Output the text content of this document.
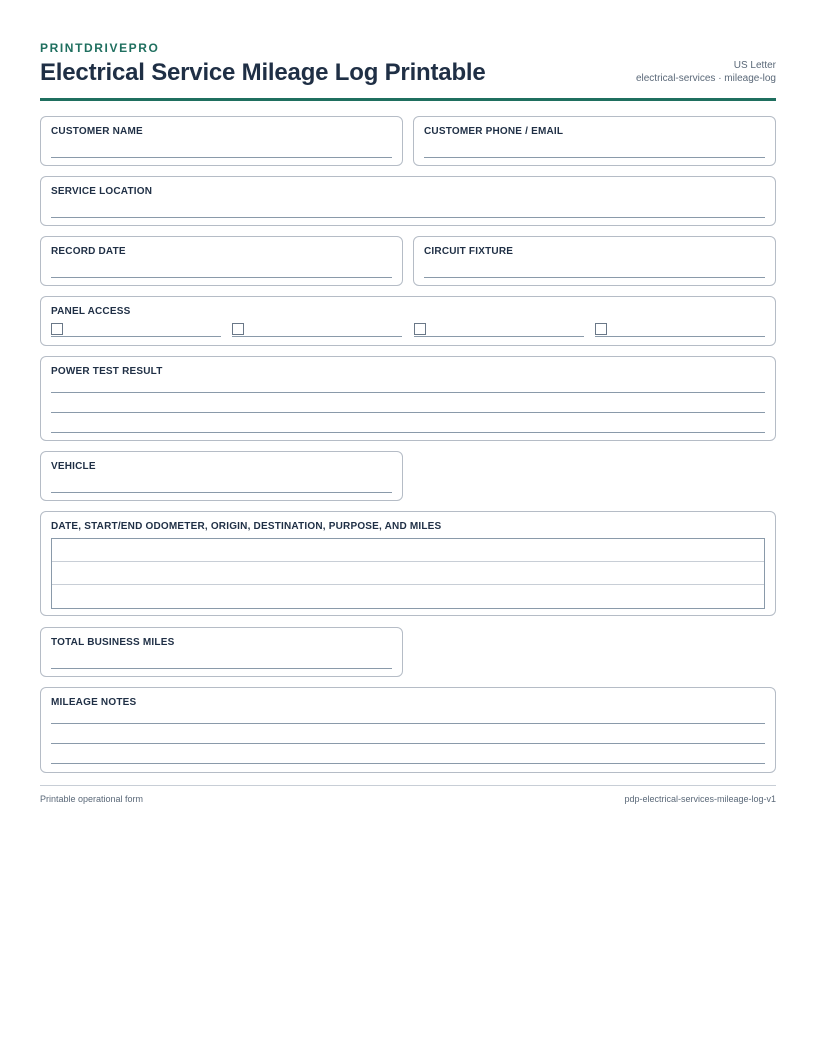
PRINTDRIVEPRO
Electrical Service Mileage Log Printable	US Letter
electrical-services · mileage-log
CUSTOMER NAME	CUSTOMER PHONE / EMAIL
SERVICE LOCATION
RECORD DATE	CIRCUIT FIXTURE
PANEL ACCESS
POWER TEST RESULT
VEHICLE
DATE, START/END ODOMETER, ORIGIN, DESTINATION, PURPOSE, AND MILES
TOTAL BUSINESS MILES
MILEAGE NOTES
Printable operational form	pdp-electrical-services-mileage-log-v1
